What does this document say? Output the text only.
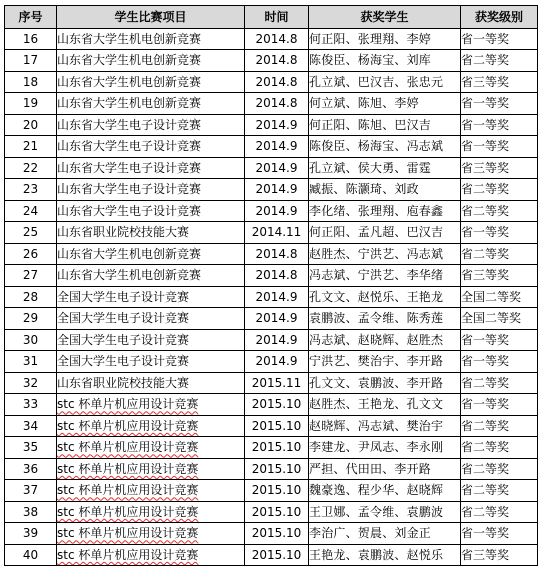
序号	学生比赛项目	时间	获奖学生	获奖级别
16	山东省大学生机电创新竞赛	2014.8	何正阳、张理翔、李婷	省一等奖
17	山东省大学生机电创新竞赛	2014.8	陈俊臣、杨海宝、刘库	省二等奖
18	山东省大学生机电创新竞赛	2014.8	孔立斌、巴汉吉、张忠元	省三等奖
19	山东省大学生机电创新竞赛	2014.8	何立斌、陈旭、李婷	省一等奖
20	山东省大学生电子设计竞赛	2014.9	何正阳、陈旭、巴汉吉	省一等奖
21	山东省大学生电子设计竞赛	2014.9	陈俊臣、杨海宝、冯志斌	省一等奖
22	山东省大学生电子设计竞赛	2014.9	孔立斌、侯大勇、雷霆	省三等奖
23	山东省大学生电子设计竞赛	2014.9	臧振、陈灏琦、刘政	省二等奖
24	山东省大学生电子设计竞赛	2014.9	李化绪、张理翔、庖春鑫	省二等奖
25	山东省职业院校技能大赛	2014.11	何正阳、孟凡超、巴汉吉	省一等奖
26	山东省大学生机电创新竞赛	2014.8	赵胜杰、宁洪艺、冯志斌	省二等奖
27	山东省大学生机电创新竞赛	2014.8	冯志斌、宁洪艺、李华绪	省三等奖
28	全国大学生电子设计竞赛	2014.9	孔文文、赵悦乐、王艳龙	全国二等奖
29	全国大学生电子设计竞赛	2014.9	袁鹏波、孟令维、陈秀莲	全国二等奖
30	全国大学生电子设计竞赛	2014.9	冯志斌、赵晓辉、赵胜杰	省一等奖
31	全国大学生电子设计竞赛	2014.9	宁洪艺、樊治宇、李开路	省一等奖
32	山东省职业院校技能大赛	2015.11	孔文文、袁鹏波、李开路	省二等奖
33	stc 杯单片机应用设计竞赛	2015.10	赵胜杰、王艳龙、孔文文	省一等奖
34	stc 杯单片机应用设计竞赛	2015.10	赵晓辉、冯志斌、樊治宇	省二等奖
35	stc 杯单片机应用设计竞赛	2015.10	李建龙、尹凤志、李永刚	省二等奖
36	stc 杯单片机应用设计竞赛	2015.10	严担、代田田、李开路	省二等奖
37	stc 杯单片机应用设计竞赛	2015.10	魏豪逸、程少华、赵晓辉	省二等奖
38	stc 杯单片机应用设计竞赛	2015.10	王卫娜、孟令维、袁鹏波	省二等奖
39	stc 杯单片机应用设计竞赛	2015.10	李治广、贺晨、刘金正	省一等奖
40	stc 杯单片机应用设计竞赛	2015.10	王艳龙、袁鹏波、赵悦乐	省三等奖
